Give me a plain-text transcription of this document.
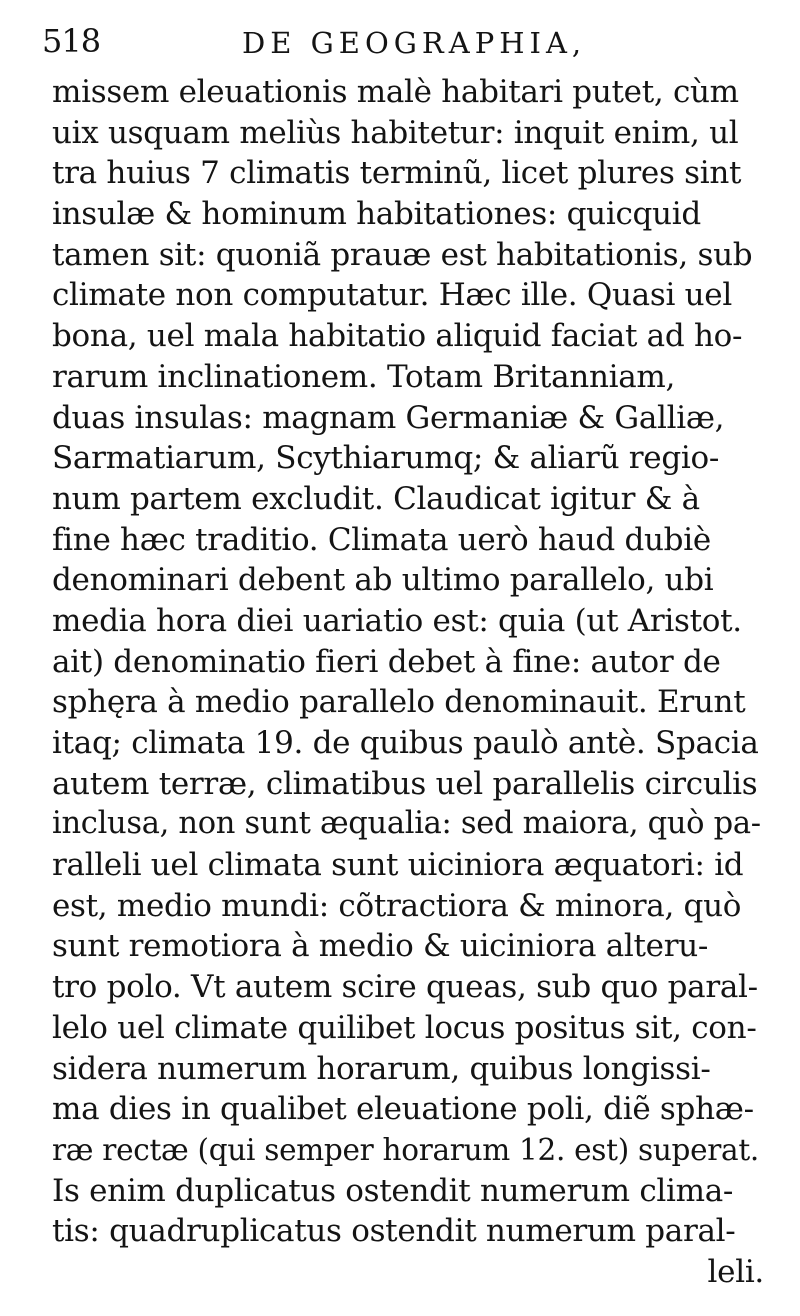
518	DE GEOGRAPHIA,
missem eleuationis malè habitari putet, cùm
uix usquam meliùs habitetur: inquit enim, ul
tra huius 7 climatis terminũ, licet plures sint
insulæ & hominum habitationes: quicquid
tamen sit: quoniã prauæ est habitationis, sub
climate non computatur. Hæc ille. Quasi uel
bona, uel mala habitatio aliquid faciat ad ho-
rarum inclinationem. Totam Britanniam,
duas insulas: magnam Germaniæ & Galliæ,
Sarmatiarum, Scythiarumq; & aliarũ regio-
num partem excludit. Claudicat igitur & à
fine hæc traditio. Climata uerò haud dubiè
denominari debent ab ultimo parallelo, ubi
media hora diei uariatio est: quia (ut Aristot.
ait) denominatio fieri debet à fine: autor de
sphęra à medio parallelo denominauit. Erunt
itaq; climata 19. de quibus paulò antè. Spacia
autem terræ, climatibus uel parallelis circulis
inclusa, non sunt æqualia: sed maiora, quò pa-
ralleli uel climata sunt uiciniora æquatori: id
est, medio mundi: cõtractiora & minora, quò
sunt remotiora à medio & uiciniora alteru-
tro polo. Vt autem scire queas, sub quo paral-
lelo uel climate quilibet locus positus sit, con-
sidera numerum horarum, quibus longissi-
ma dies in qualibet eleuatione poli, diẽ sphæ-
ræ rectæ (qui semper horarum 12. est) superat.
Is enim duplicatus ostendit numerum clima-
tis: quadruplicatus ostendit numerum paral-
leli.
